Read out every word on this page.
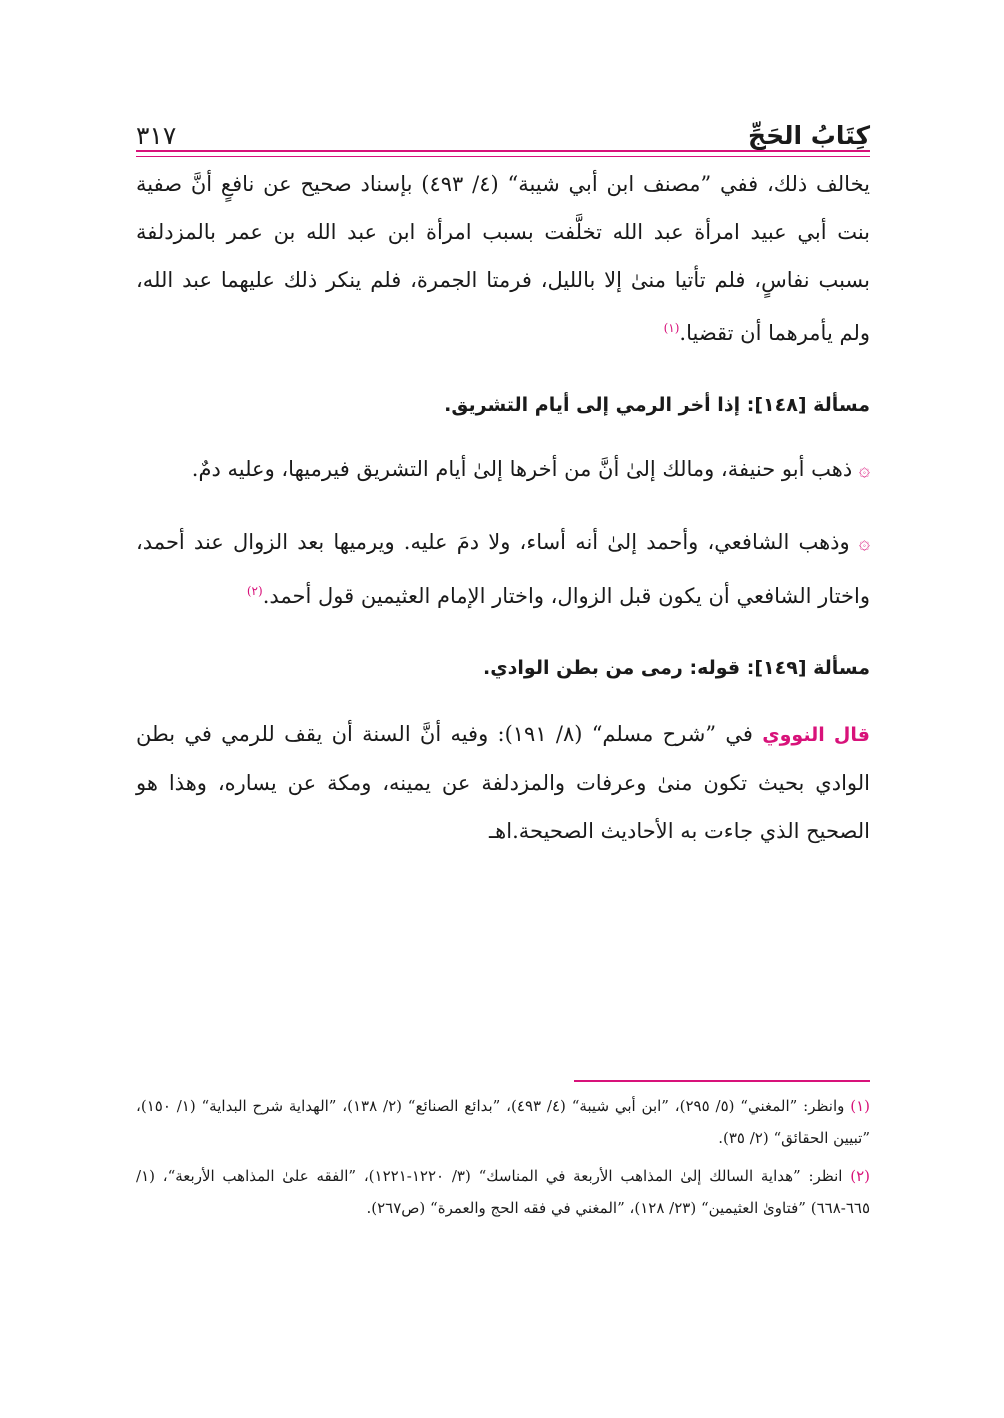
٣١٧	كِتَابُ الحَجِّ

يخالف ذلك، ففي ”مصنف ابن أبي شيبة“ (٤/ ٤٩٣) بإسناد صحيح عن نافعٍ أنَّ صفية بنت أبي عبيد امرأة عبد الله تخلَّفت بسبب امرأة ابن عبد الله بن عمر بالمزدلفة بسبب نفاسٍ، فلم تأتيا منىٰ إلا بالليل، فرمتا الجمرة، فلم ينكر ذلك عليهما عبد الله، ولم يأمرهما أن تقضيا.$^{(١)}$

مسألة [١٤٨]: إذا أخر الرمي إلى أيام التشريق.

۞ ذهب أبو حنيفة، ومالك إلىٰ أنَّ من أخرها إلىٰ أيام التشريق فيرميها، وعليه دمٌ.

۞ وذهب الشافعي، وأحمد إلىٰ أنه أساء، ولا دمَ عليه. ويرميها بعد الزوال عند أحمد، واختار الشافعي أن يكون قبل الزوال، واختار الإمام العثيمين قول أحمد.$^{(٢)}$

مسألة [١٤٩]: قوله: رمى من بطن الوادي.

قال النووي في ”شرح مسلم“ (٨/ ١٩١): وفيه أنَّ السنة أن يقف للرمي في بطن الوادي بحيث تكون منىٰ وعرفات والمزدلفة عن يمينه، ومكة عن يساره، وهذا هو الصحيح الذي جاءت به الأحاديث الصحيحة.اهـ

(١) وانظر: ”المغني“ (٥/ ٢٩٥)، ”ابن أبي شيبة“ (٤/ ٤٩٣)، ”بدائع الصنائع“ (٢/ ١٣٨)، ”الهداية شرح البداية“ (١/ ١٥٠)، ”تبيين الحقائق“ (٢/ ٣٥).

(٢) انظر: ”هداية السالك إلىٰ المذاهب الأربعة في المناسك“ (٣/ ١٢٢٠-١٢٢١)، ”الفقه علىٰ المذاهب الأربعة“، (١/ ٦٦٥-٦٦٨) ”فتاوىٰ العثيمين“ (٢٣/ ١٢٨)، ”المغني في فقه الحج والعمرة“ (ص٢٦٧).
